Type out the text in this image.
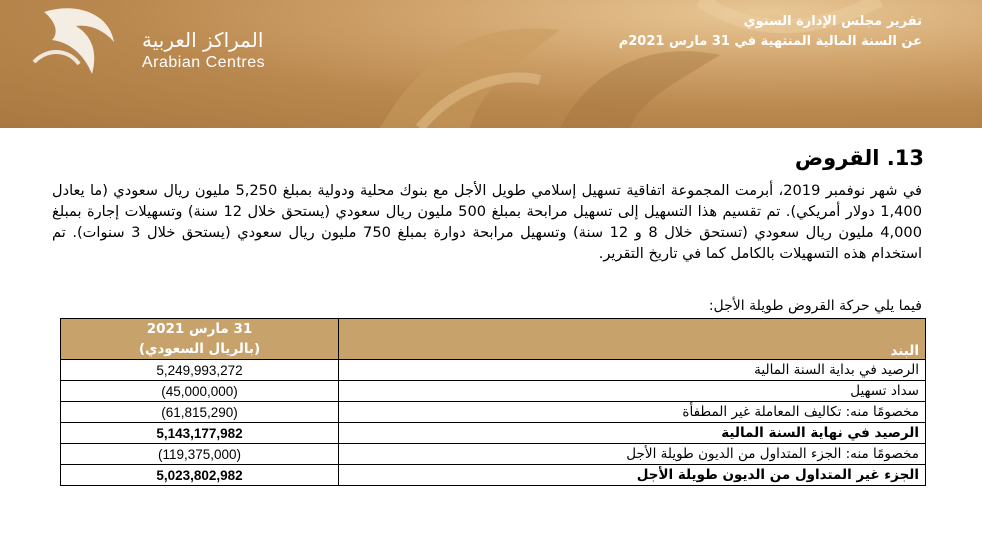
المراكز العربية
Arabian Centres
تقرير مجلس الإدارة السنوي
عن السنة المالية المنتهية في 31 مارس 2021م
13. القروض
في شهر نوفمبر 2019، أبرمت المجموعة اتفاقية تسهيل إسلامي طويل الأجل مع بنوك محلية ودولية بمبلغ 5,250 مليون ريال سعودي (ما يعادل 1,400 دولار أمريكي). تم تقسيم هذا التسهيل إلى تسهيل مرابحة بمبلغ 500 مليون ريال سعودي (يستحق خلال 12 سنة) وتسهيلات إجارة بمبلغ 4,000 مليون ريال سعودي (تستحق خلال 8 و 12 سنة) وتسهيل مرابحة دوارة بمبلغ 750 مليون ريال سعودي (يستحق خلال 3 سنوات). تم استخدام هذه التسهيلات بالكامل كما في تاريخ التقرير.
فيما يلي حركة القروض طويلة الأجل:
البند	31 مارس 2021
(بالريال السعودي)

الرصيد في بداية السنة المالية	5,249,993,272
سداد تسهيل	(45,000,000)
مخصومًا منه: تكاليف المعاملة غير المطفأة	(61,815,290)
الرصيد في نهاية السنة المالية	5,143,177,982
مخصومًا منه: الجزء المتداول من الديون طويلة الأجل	(119,375,000)
الجزء غير المتداول من الديون طويلة الأجل	5,023,802,982
